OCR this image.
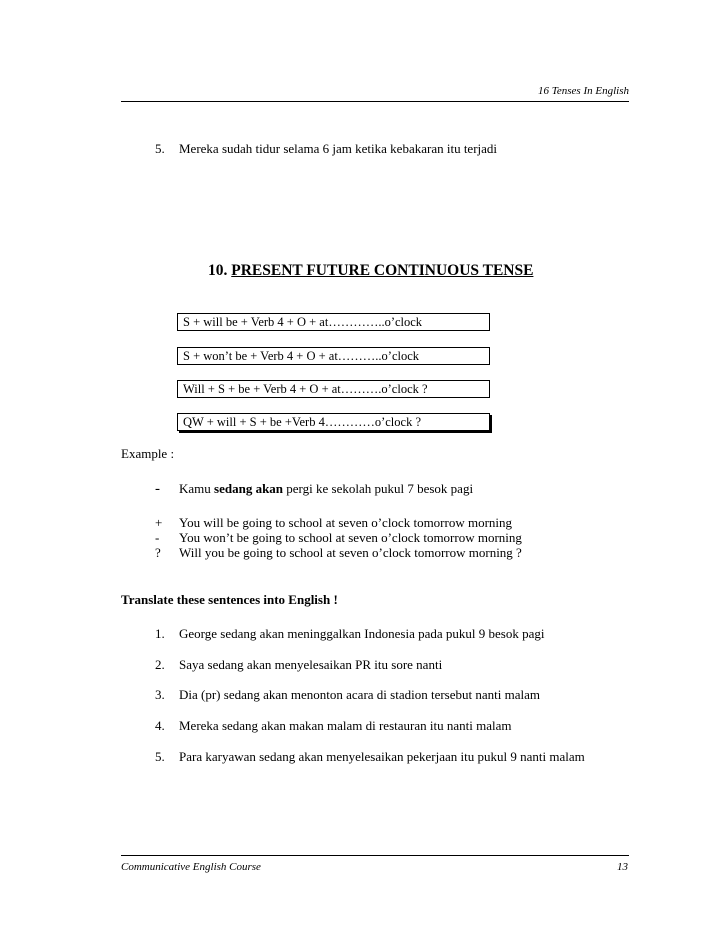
16 Tenses In English
5. Mereka sudah tidur selama 6 jam ketika kebakaran itu terjadi
10. PRESENT FUTURE CONTINUOUS TENSE
S + will be + Verb 4 + O + at…………..o’clock
S + won’t be + Verb 4 + O + at………..o’clock
Will + S + be + Verb 4 + O + at……….o’clock ?
QW + will + S + be +Verb 4…………o’clock ?
Example :
- Kamu sedang akan pergi ke sekolah pukul 7 besok pagi
+ You will be going to school at seven o’clock tomorrow morning
- You won’t be going to school at seven o’clock tomorrow morning
? Will you be going to school at seven o’clock tomorrow morning ?
Translate these sentences into English !
1. George sedang akan meninggalkan Indonesia pada pukul 9 besok pagi
2. Saya sedang akan menyelesaikan PR itu sore nanti
3. Dia (pr) sedang akan menonton acara di stadion tersebut nanti malam
4. Mereka sedang akan makan malam di restauran itu nanti malam
5. Para karyawan sedang akan menyelesaikan pekerjaan itu pukul 9 nanti malam
Communicative English Course	13
